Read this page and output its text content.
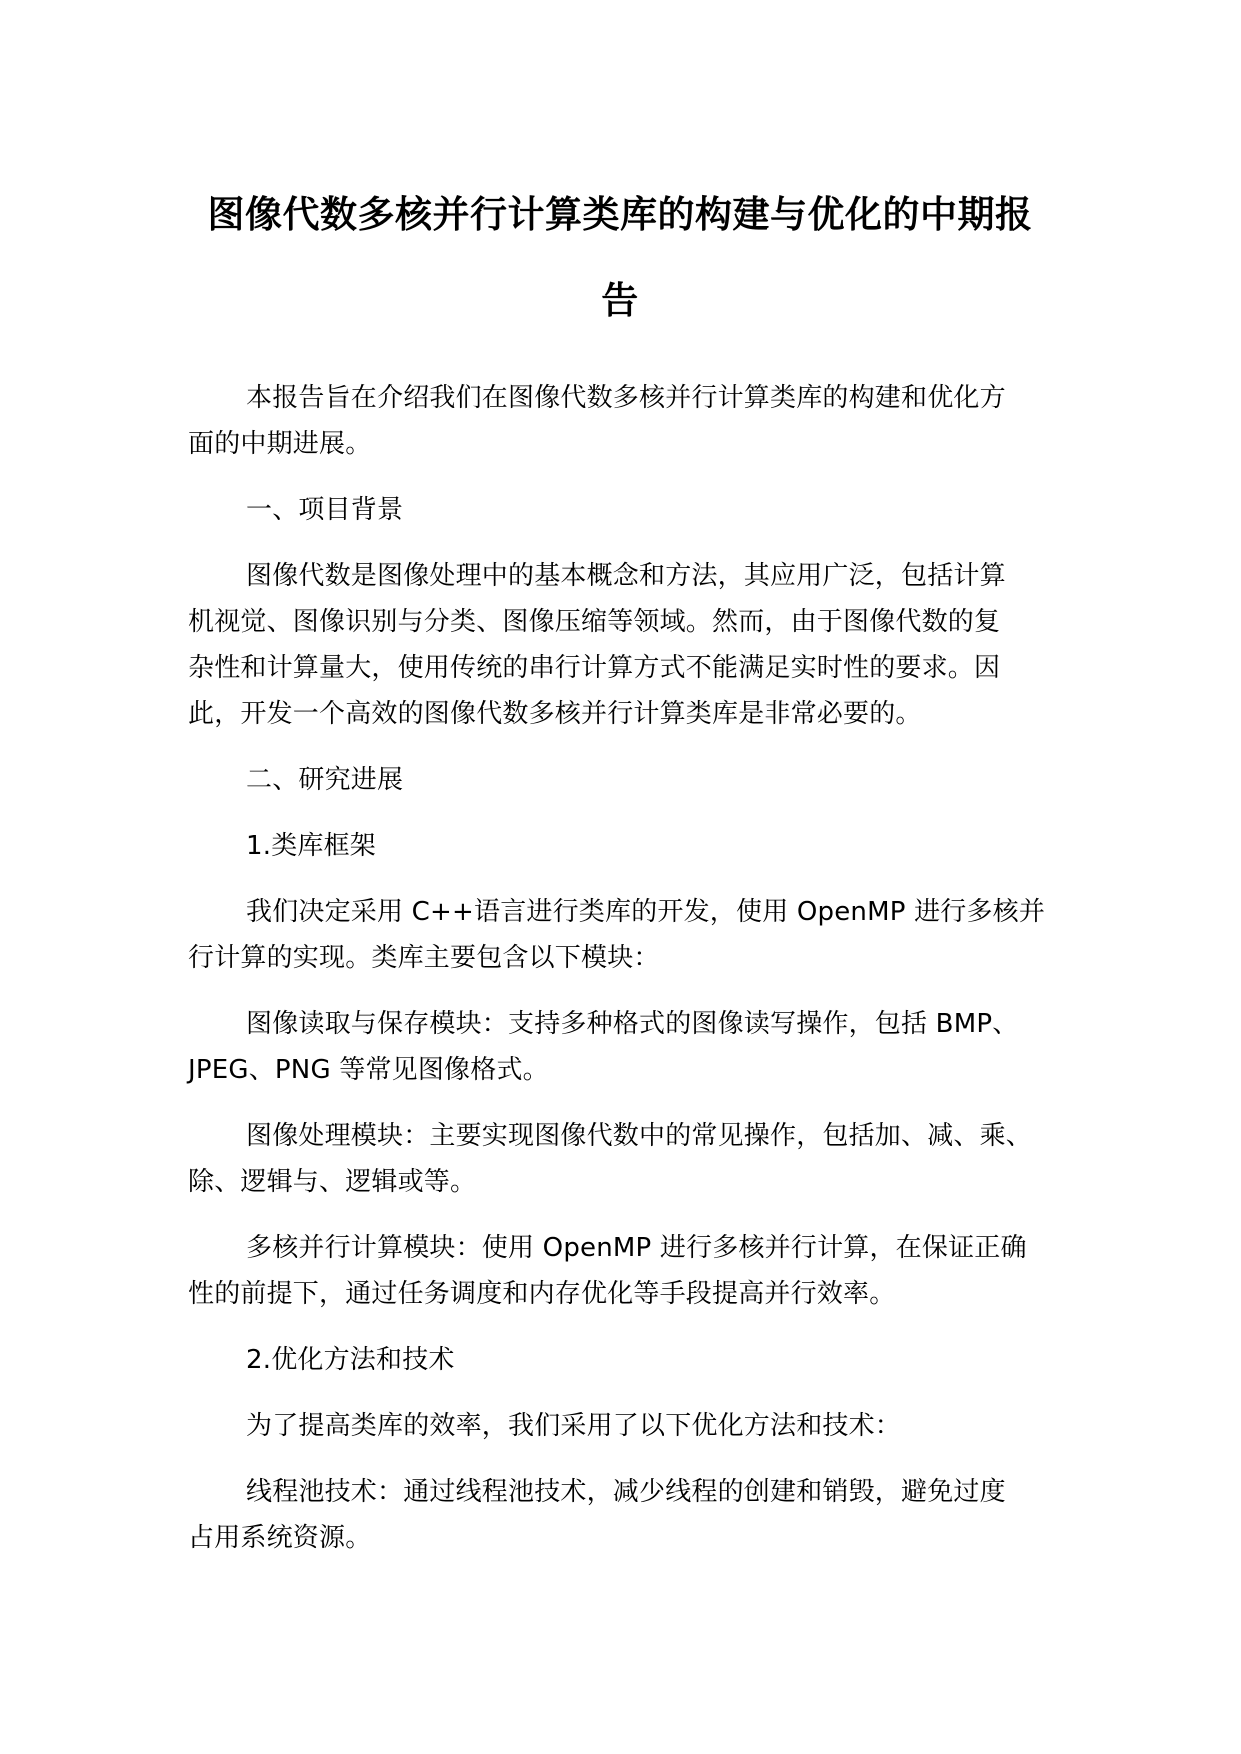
图像代数多核并行计算类库的构建与优化的中期报
告

本报告旨在介绍我们在图像代数多核并行计算类库的构建和优化方
面的中期进展。

一、项目背景

图像代数是图像处理中的基本概念和方法，其应用广泛，包括计算
机视觉、图像识别与分类、图像压缩等领域。然而，由于图像代数的复
杂性和计算量大，使用传统的串行计算方式不能满足实时性的要求。因
此，开发一个高效的图像代数多核并行计算类库是非常必要的。

二、研究进展

1.类库框架

我们决定采用 C++语言进行类库的开发，使用 OpenMP 进行多核并
行计算的实现。类库主要包含以下模块：

图像读取与保存模块：支持多种格式的图像读写操作，包括 BMP、
JPEG、PNG 等常见图像格式。

图像处理模块：主要实现图像代数中的常见操作，包括加、减、乘、
除、逻辑与、逻辑或等。

多核并行计算模块：使用 OpenMP 进行多核并行计算，在保证正确
性的前提下，通过任务调度和内存优化等手段提高并行效率。

2.优化方法和技术

为了提高类库的效率，我们采用了以下优化方法和技术：

线程池技术：通过线程池技术，减少线程的创建和销毁，避免过度
占用系统资源。
